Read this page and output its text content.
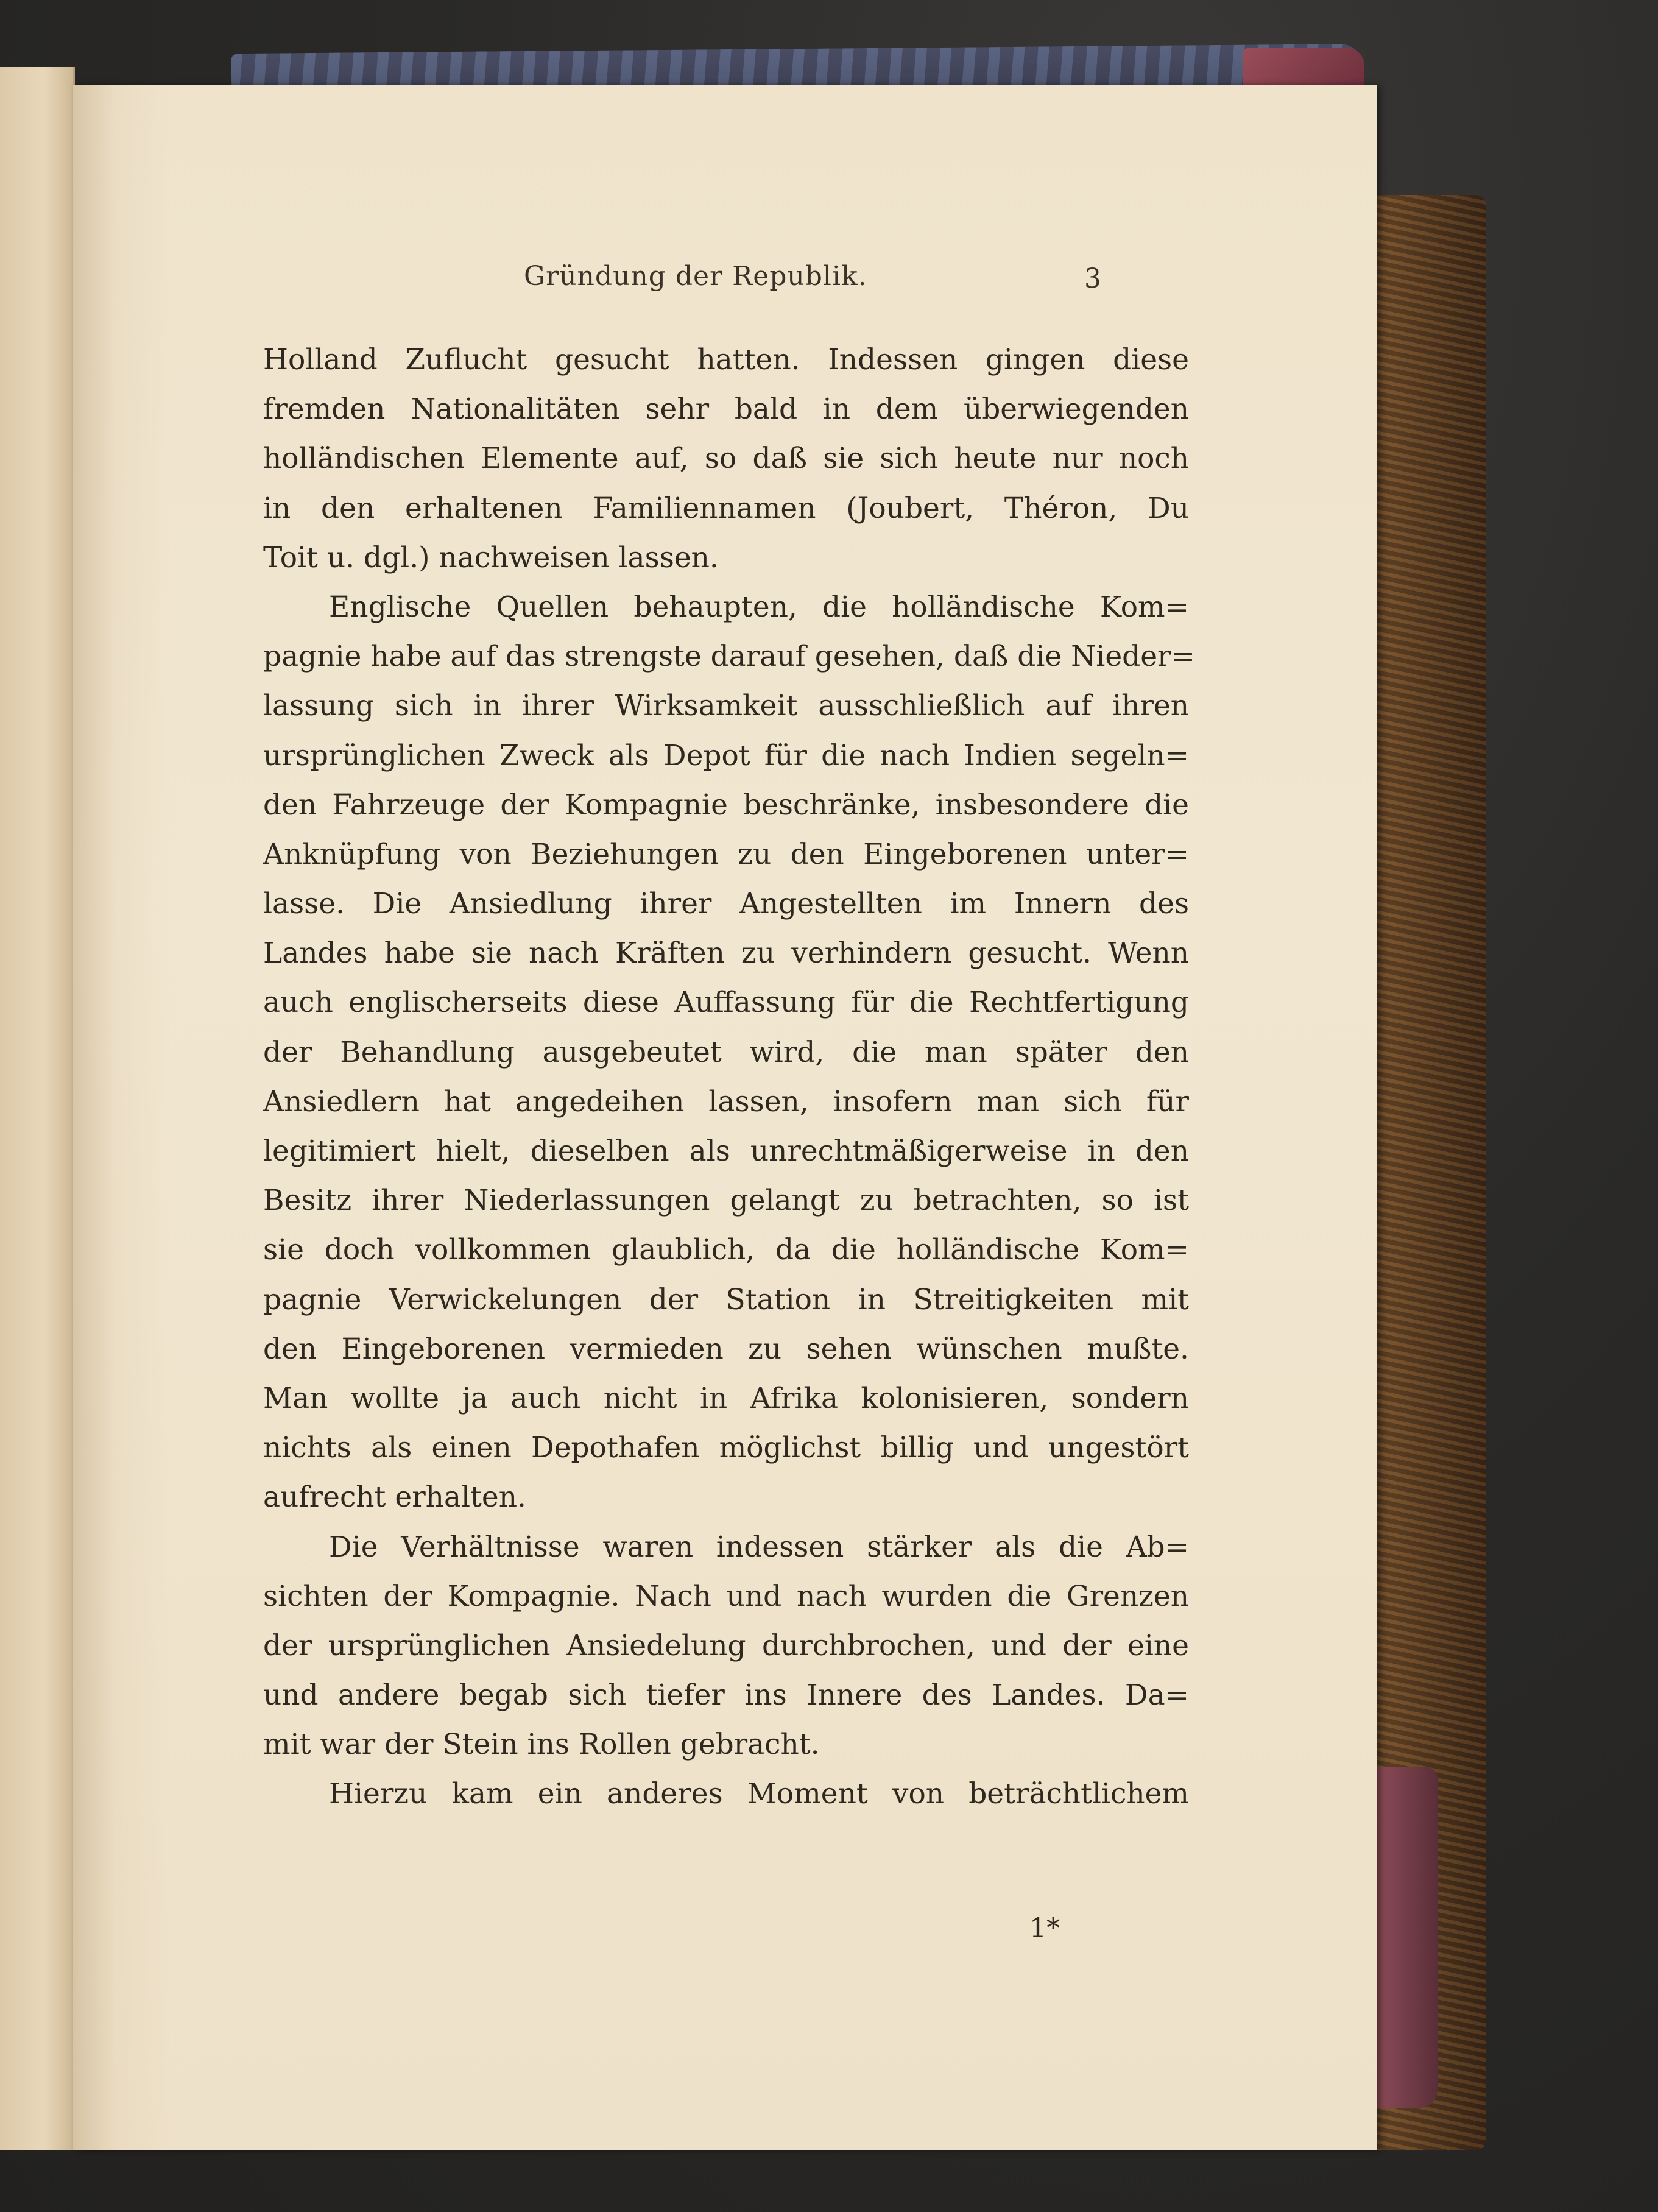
Gründung der Republik.	3
Holland Zuflucht gesucht hatten. Indessen gingen diese
fremden Nationalitäten sehr bald in dem überwiegenden
holländischen Elemente auf, so daß sie sich heute nur noch
in den erhaltenen Familiennamen (Joubert, Théron, Du
Toit u. dgl.) nachweisen lassen.
Englische Quellen behaupten, die holländische Kom=
pagnie habe auf das strengste darauf gesehen, daß die Nieder=
lassung sich in ihrer Wirksamkeit ausschließlich auf ihren
ursprünglichen Zweck als Depot für die nach Indien segeln=
den Fahrzeuge der Kompagnie beschränke, insbesondere die
Anknüpfung von Beziehungen zu den Eingeborenen unter=
lasse. Die Ansiedlung ihrer Angestellten im Innern des
Landes habe sie nach Kräften zu verhindern gesucht. Wenn
auch englischerseits diese Auffassung für die Rechtfertigung
der Behandlung ausgebeutet wird, die man später den
Ansiedlern hat angedeihen lassen, insofern man sich für
legitimiert hielt, dieselben als unrechtmäßigerweise in den
Besitz ihrer Niederlassungen gelangt zu betrachten, so ist
sie doch vollkommen glaublich, da die holländische Kom=
pagnie Verwickelungen der Station in Streitigkeiten mit
den Eingeborenen vermieden zu sehen wünschen mußte.
Man wollte ja auch nicht in Afrika kolonisieren, sondern
nichts als einen Depothafen möglichst billig und ungestört
aufrecht erhalten.
Die Verhältnisse waren indessen stärker als die Ab=
sichten der Kompagnie. Nach und nach wurden die Grenzen
der ursprünglichen Ansiedelung durchbrochen, und der eine
und andere begab sich tiefer ins Innere des Landes. Da=
mit war der Stein ins Rollen gebracht.
Hierzu kam ein anderes Moment von beträchtlichem
1*
